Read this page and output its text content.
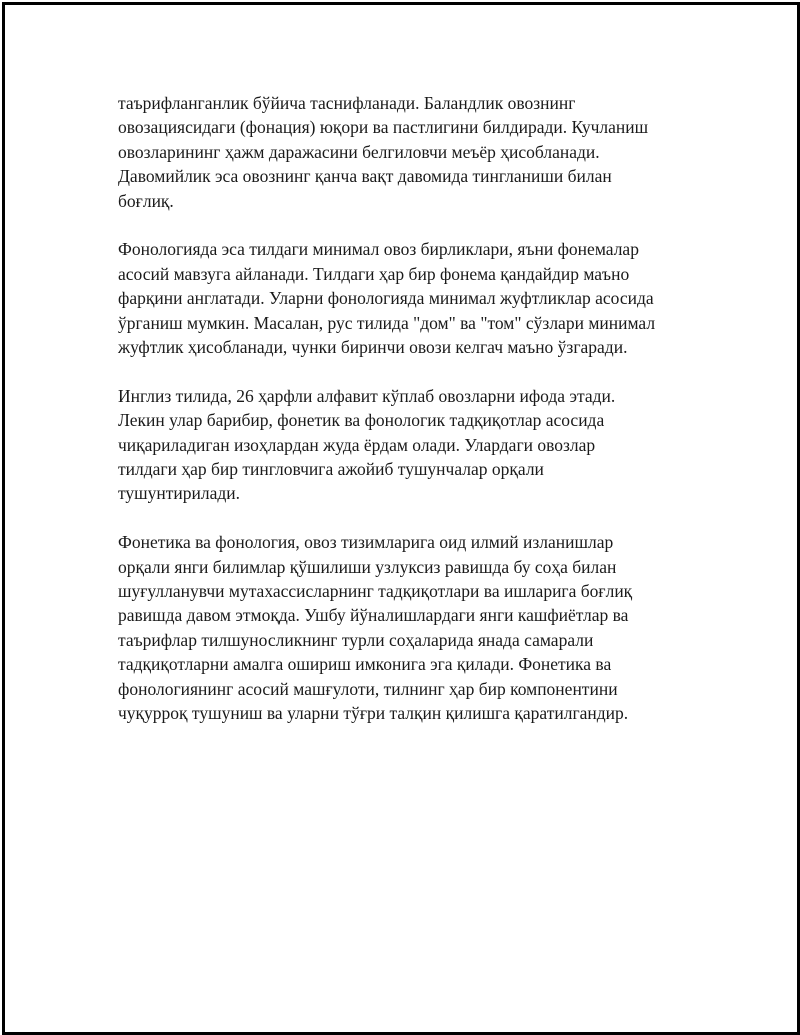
таърифланганлик бўйича таснифланади. Баландлик овознинг
овозациясидаги (фонация) юқори ва пастлигини билдиради. Кучланиш
овозларининг ҳажм даражасини белгиловчи меъёр ҳисобланади.
Давомийлик эса овознинг қанча вақт давомида тингланиши билан
боғлиқ.

Фонологияда эса тилдаги минимал овоз бирликлари, яъни фонемалар
асосий мавзуга айланади. Тилдаги ҳар бир фонема қандайдир маъно
фарқини англатади. Уларни фонологияда минимал жуфтликлар асосида
ўрганиш мумкин. Масалан, рус тилида "дом" ва "том" сўзлари минимал
жуфтлик ҳисобланади, чунки биринчи овози келгач маъно ўзгаради.

Инглиз тилида, 26 ҳарфли алфавит кўплаб овозларни ифода этади.
Лекин улар барибир, фонетик ва фонологик тадқиқотлар асосида
чиқариладиган изоҳлардан жуда ёрдам олади. Улардаги овозлар
тилдаги ҳар бир тингловчига ажойиб тушунчалар орқали
тушунтирилади.

Фонетика ва фонология, овоз тизимларига оид илмий изланишлар
орқали янги билимлар қўшилиши узлуксиз равишда бу соҳа билан
шуғулланувчи мутахассисларнинг тадқиқотлари ва ишларига боғлиқ
равишда давом этмоқда. Ушбу йўналишлардаги янги кашфиётлар ва
таърифлар тилшуносликнинг турли соҳаларида янада самарали
тадқиқотларни амалга ошириш имконига эга қилади. Фонетика ва
фонологиянинг асосий машғулоти, тилнинг ҳар бир компонентини
чуқурроқ тушуниш ва уларни тўғри талқин қилишга қаратилгандир.
